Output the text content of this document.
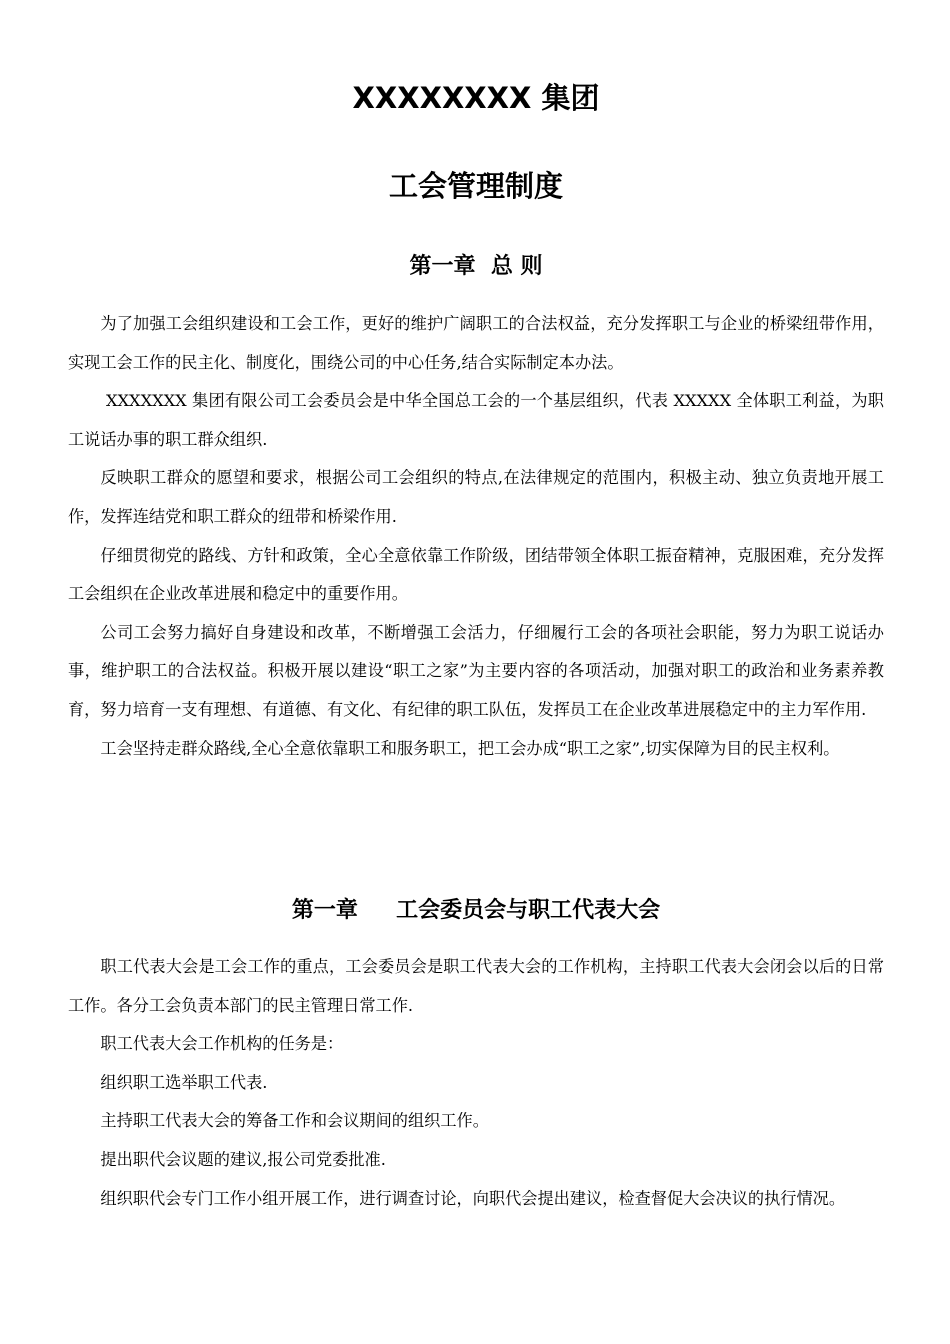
XXXXXXXX 集团
工会管理制度
第一章  总 则

为了加强工会组织建设和工会工作，更好的维护广阔职工的合法权益，充分发挥职工与企业的桥梁纽带作用，实现工会工作的民主化、制度化，围绕公司的中心任务,结合实际制定本办法。

XXXXXXX 集团有限公司工会委员会是中华全国总工会的一个基层组织，代表 XXXXX 全体职工利益，为职工说话办事的职工群众组织.

反映职工群众的愿望和要求，根据公司工会组织的特点,在法律规定的范围内，积极主动、独立负责地开展工作，发挥连结党和职工群众的纽带和桥梁作用.

仔细贯彻党的路线、方针和政策，全心全意依靠工作阶级，团结带领全体职工振奋精神，克服困难，充分发挥工会组织在企业改革进展和稳定中的重要作用。

公司工会努力搞好自身建设和改革，不断增强工会活力，仔细履行工会的各项社会职能，努力为职工说话办事，维护职工的合法权益。积极开展以建设“职工之家”为主要内容的各项活动，加强对职工的政治和业务素养教育，努力培育一支有理想、有道德、有文化、有纪律的职工队伍，发挥员工在企业改革进展稳定中的主力军作用.

工会坚持走群众路线,全心全意依靠职工和服务职工，把工会办成“职工之家”,切实保障为目的民主权利。

第一章     工会委员会与职工代表大会

职工代表大会是工会工作的重点，工会委员会是职工代表大会的工作机构，主持职工代表大会闭会以后的日常工作。各分工会负责本部门的民主管理日常工作.

职工代表大会工作机构的任务是：

组织职工选举职工代表.

主持职工代表大会的筹备工作和会议期间的组织工作。

提出职代会议题的建议,报公司党委批准.

组织职代会专门工作小组开展工作，进行调查讨论，向职代会提出建议，检查督促大会决议的执行情况。
